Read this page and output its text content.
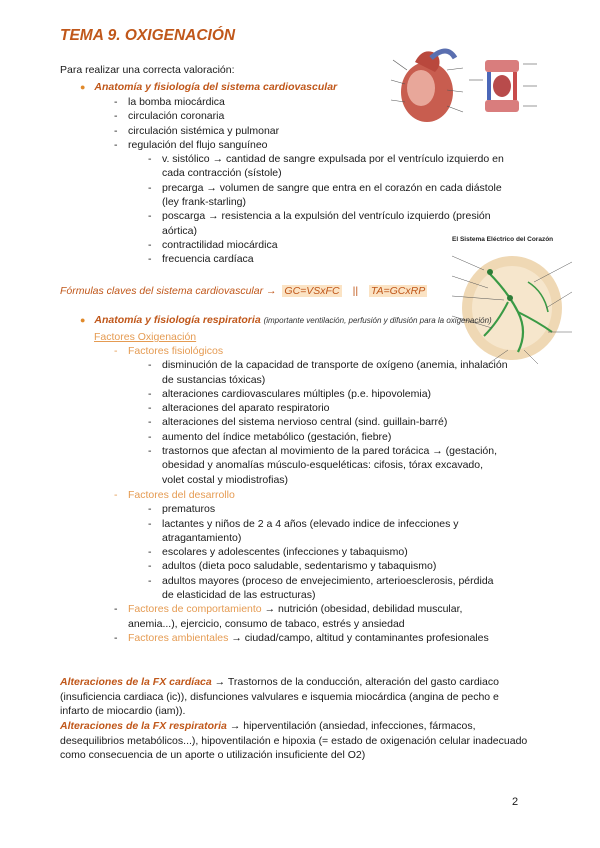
TEMA 9. OXIGENACIÓN
Para realizar una correcta valoración:
● Anatomía y fisiología del sistema cardiovascular
- la bomba miocárdica
- circulación coronaria
- circulación sistémica y pulmonar
- regulación del flujo sanguíneo
- v. sistólico → cantidad de sangre expulsada por el ventrículo izquierdo en cada contracción (sístole)
- precarga → volumen de sangre que entra en el corazón en cada diástole (ley frank-starling)
- poscarga → resistencia a la expulsión del ventrículo izquierdo (presión aórtica)
- contractilidad miocárdica
- frecuencia cardíaca
El Sistema Eléctrico del Corazón
Fórmulas claves del sistema cardiovascular → GC=VSxFC || TA=GCxRP
● Anatomía y fisiología respiratoria (importante ventilación, perfusión y difusión para la oxigenación)
Factores Oxigenación
- Factores fisiológicos
- disminución de la capacidad de transporte de oxígeno (anemia, inhalación de sustancias tóxicas)
- alteraciones cardiovasculares múltiples (p.e. hipovolemia)
- alteraciones del aparato respiratorio
- alteraciones del sistema nervioso central (sind. guillain-barré)
- aumento del índice metabólico (gestación, fiebre)
- trastornos que afectan al movimiento de la pared torácica → (gestación, obesidad y anomalías músculo-esqueléticas: cifosis, tórax excavado, volet costal y miodistrofias)
- Factores del desarrollo
- prematuros
- lactantes y niños de 2 a 4 años (elevado indice de infecciones y atragantamiento)
- escolares y adolescentes (infecciones y tabaquismo)
- adultos (dieta poco saludable, sedentarismo y tabaquismo)
- adultos mayores (proceso de envejecimiento, arterioesclerosis, pérdida de elasticidad de las estructuras)
- Factores de comportamiento → nutrición (obesidad, debilidad muscular, anemia...), ejercicio, consumo de tabaco, estrés y ansiedad
- Factores ambientales → ciudad/campo, altitud y contaminantes profesionales
Alteraciones de la FX cardíaca → Trastornos de la conducción, alteración del gasto cardiaco (insuficiencia cardiaca (ic)), disfunciones valvulares e isquemia miocárdica (angina de pecho e infarto de miocardio (iam)).
Alteraciones de la FX respiratoria → hiperventilación (ansiedad, infecciones, fármacos, desequilibrios metabólicos...), hipoventilación e hipoxia (= estado de oxigenación celular inadecuado como consecuencia de un aporte o utilización insuficiente del O2)
2
